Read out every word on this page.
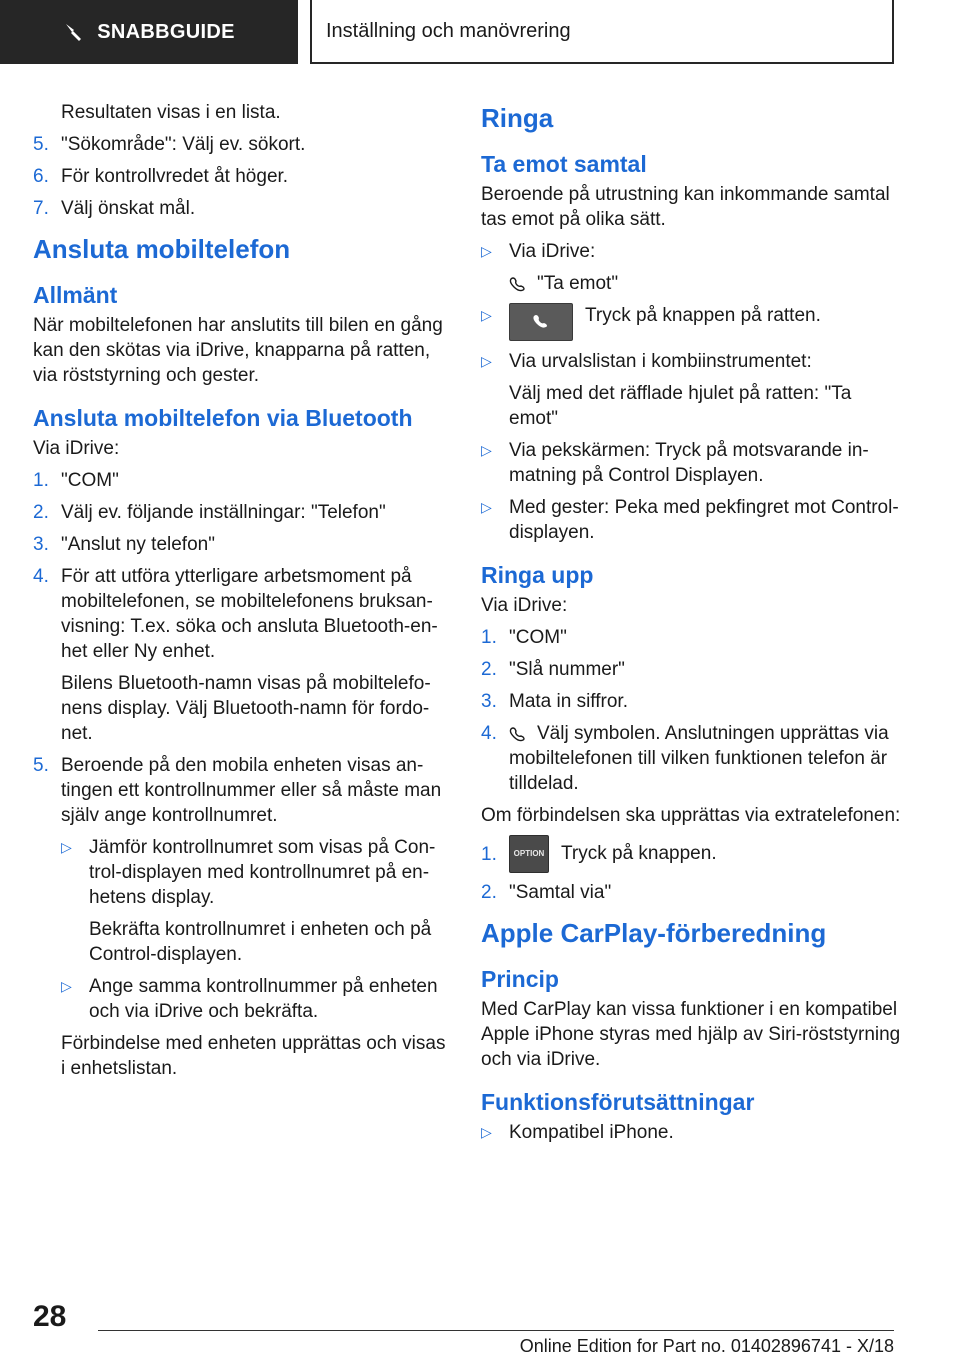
SNABBGUIDE	Inställning och manövrering

Resultaten visas i en lista.

5. "Sökområde": Välj ev. sökort.
6. För kontrollvredet åt höger.
7. Välj önskat mål.
Ansluta mobiltelefon
Allmänt

När mobiltelefonen har anslutits till bilen en gång kan den skötas via iDrive, knapparna på ratten, via röststyrning och gester.

Ansluta mobiltelefon via Bluetooth

Via iDrive:

1. "COM"
2. Välj ev. följande inställningar: "Telefon"
3. "Anslut ny telefon"
4. För att utföra ytterligare arbetsmoment på mobiltelefonen, se mobiltelefonens bruksanvisning: T.ex. söka och ansluta Bluetooth-enhet eller Ny enhet.

Bilens Bluetooth-namn visas på mobiltelefonens display. Välj Bluetooth-namn för fordonet.

5. Beroende på den mobila enheten visas antingen ett kontrollnummer eller så måste man själv ange kontrollnumret.
▷ Jämför kontrollnumret som visas på Control-displayen med kontrollnumret på enhetens display.

Bekräfta kontrollnumret i enheten och på Control-displayen.

▷ Ange samma kontrollnummer på enheten och via iDrive och bekräfta.

Förbindelse med enheten upprättas och visas i enhetslistan.

Ringa
Ta emot samtal

Beroende på utrustning kan inkommande samtal tas emot på olika sätt.

▷ Via iDrive:

"Ta emot"

▷	Tryck på knappen på ratten.
▷ Via urvalslistan i kombiinstrumentet:

Välj med det räfflade hjulet på ratten: "Ta emot"

▷ Via pekskärmen: Tryck på motsvarande inmatning på Control Displayen.
▷ Med gester: Peka med pekfingret mot Control-displayen.
Ringa upp

Via iDrive:

1. "COM"
2. "Slå nummer"
3. Mata in siffror.
4.	Välj symbolen. Anslutningen upprättas via mobiltelefonen till vilken funktionen telefon är tilldelad.

Om förbindelsen ska upprättas via extratelefonen:

1.	OPTION Tryck på knappen.
2. "Samtal via"
Apple CarPlay-förberedning
Princip

Med CarPlay kan vissa funktioner i en kompatibel Apple iPhone styras med hjälp av Siri-röststyrning och via iDrive.

Funktionsförutsättningar
▷ Kompatibel iPhone.
28
Online Edition for Part no. 01402896741 - X/18
